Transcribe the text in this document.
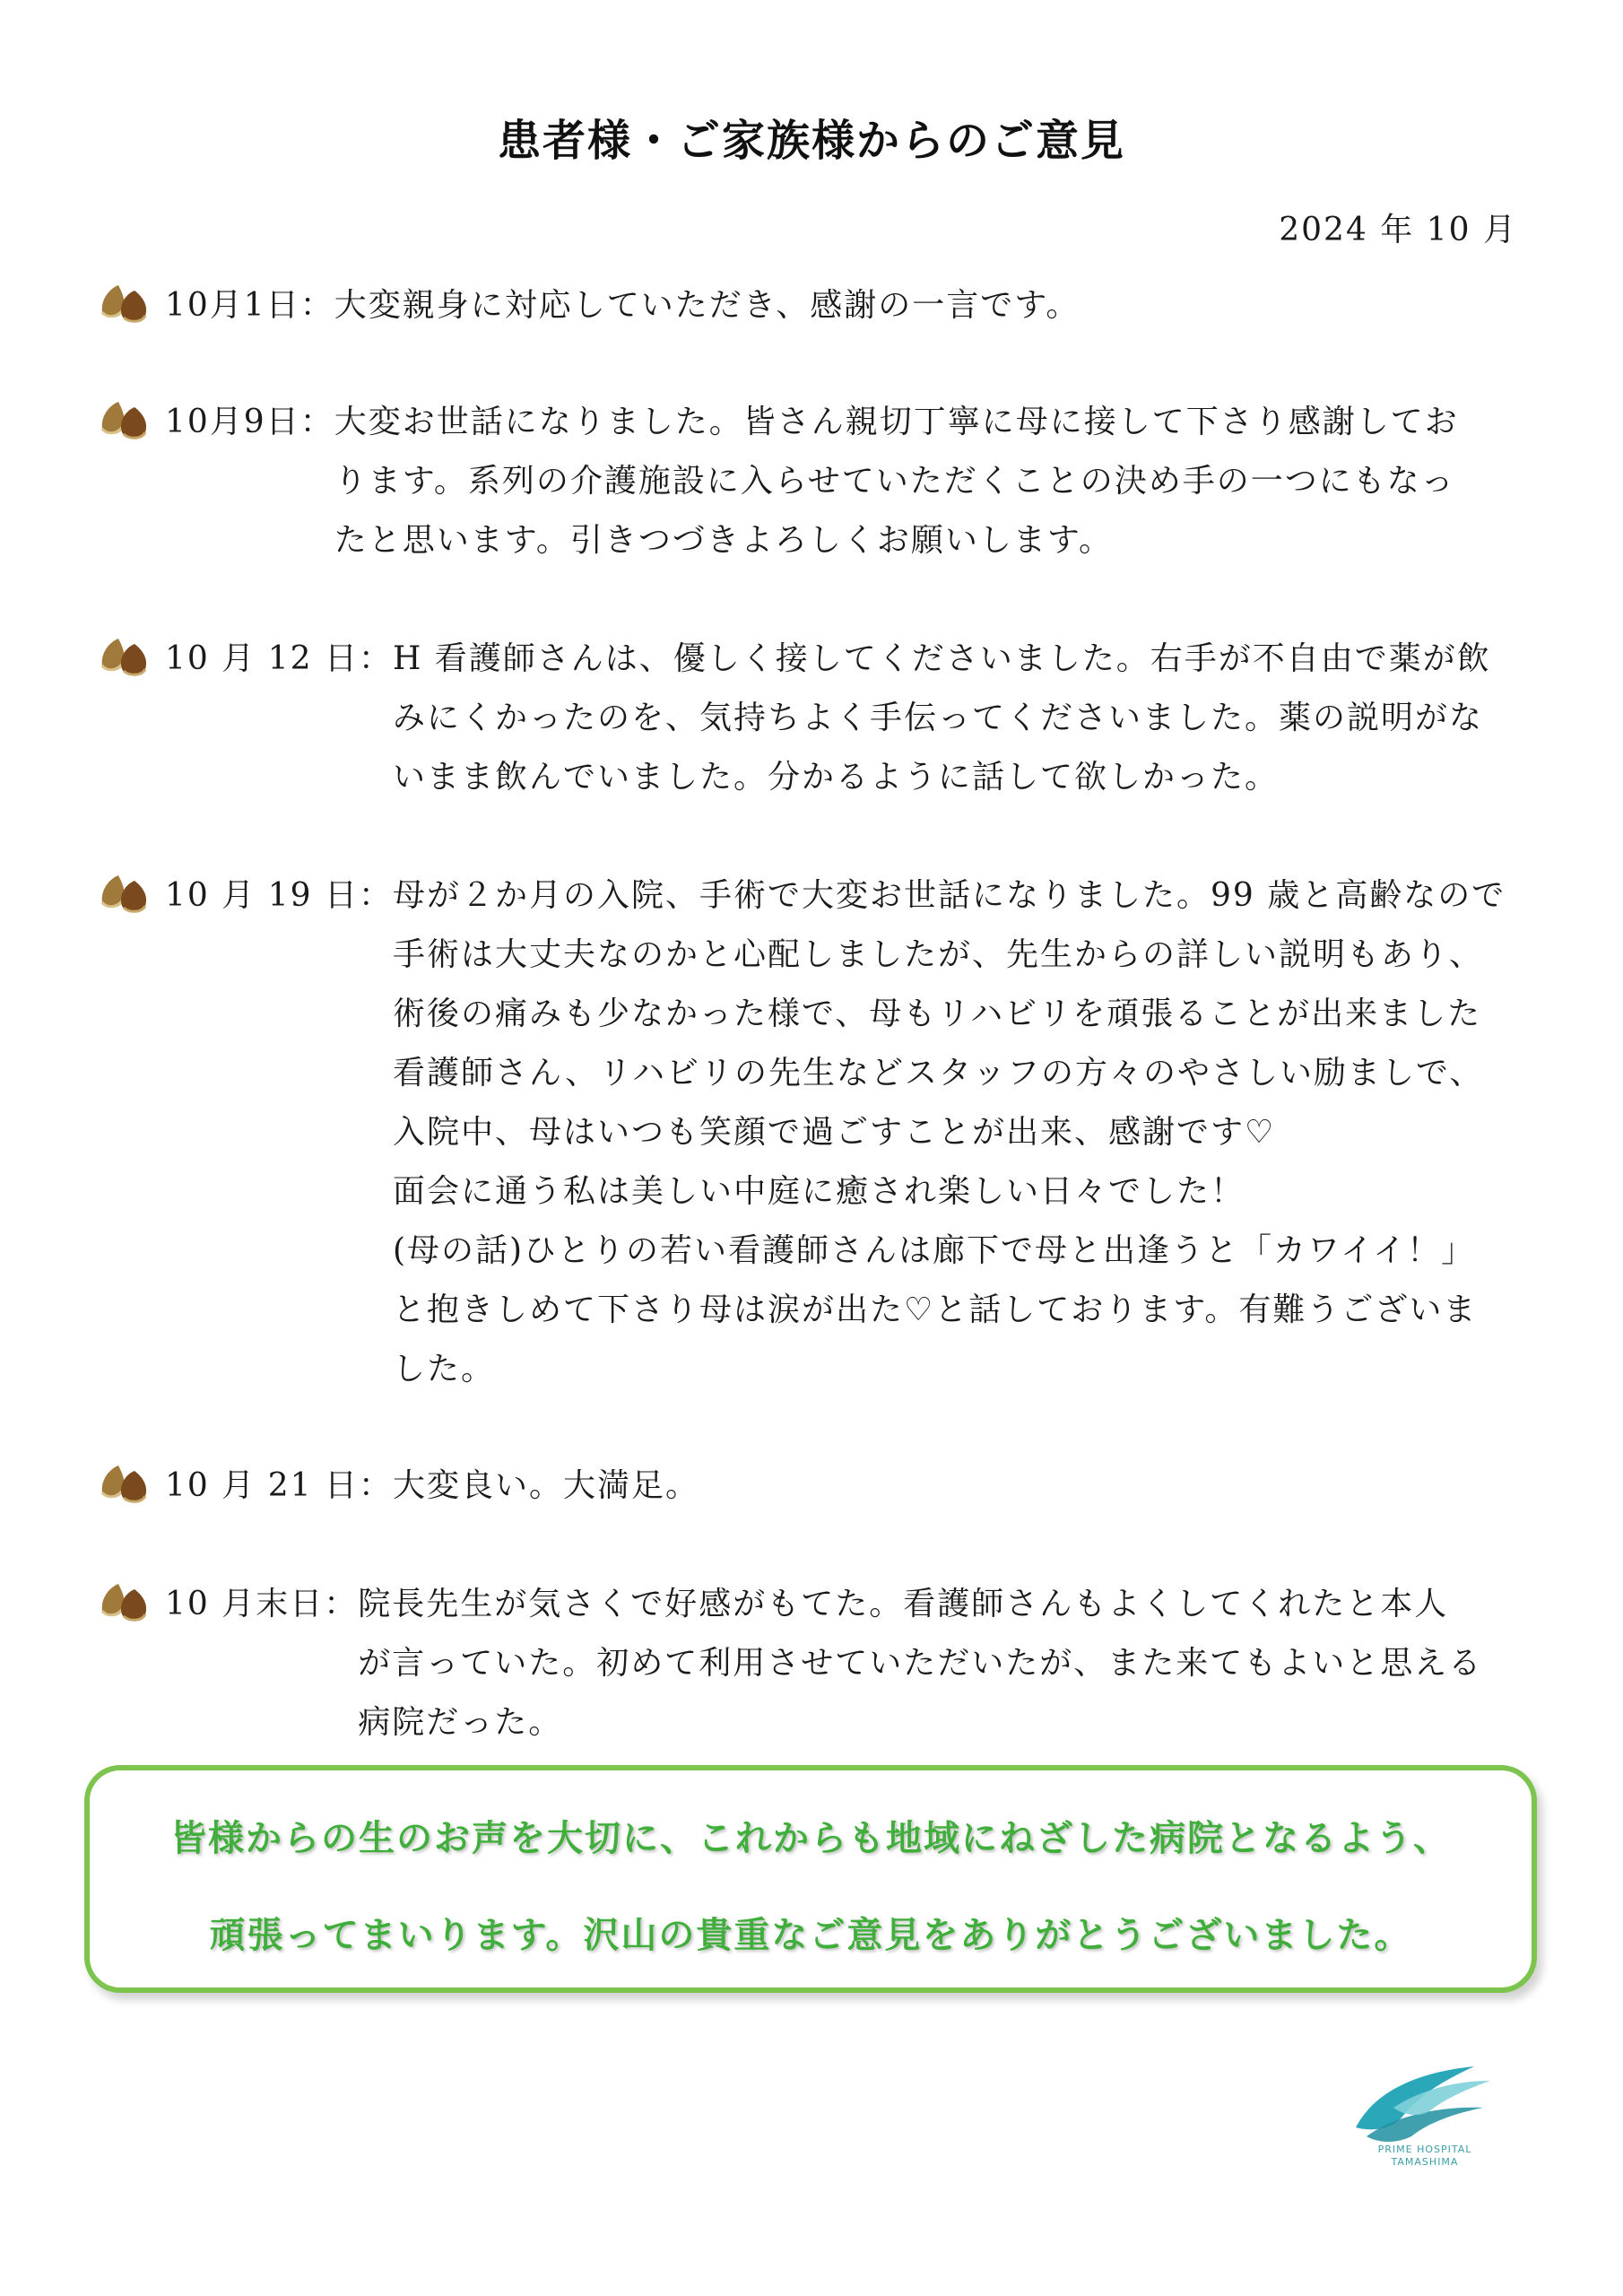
患者様・ご家族様からのご意見
2024 年 10 月
10月1日： 大変親身に対応していただき、感謝の一言です。
10月9日： 大変お世話になりました。皆さん親切丁寧に母に接して下さり感謝してお
ります。系列の介護施設に入らせていただくことの決め手の一つにもなっ
たと思います。引きつづきよろしくお願いします。
10 月 12 日： H 看護師さんは、優しく接してくださいました。右手が不自由で薬が飲
みにくかったのを、気持ちよく手伝ってくださいました。薬の説明がな
いまま飲んでいました。分かるように話して欲しかった。
10 月 19 日： 母が２か月の入院、手術で大変お世話になりました。99 歳と高齢なので
手術は大丈夫なのかと心配しましたが、先生からの詳しい説明もあり、
術後の痛みも少なかった様で、母もリハビリを頑張ることが出来ました
看護師さん、リハビリの先生などスタッフの方々のやさしい励ましで、
入院中、母はいつも笑顔で過ごすことが出来、感謝です♡
面会に通う私は美しい中庭に癒され楽しい日々でした！
(母の話)ひとりの若い看護師さんは廊下で母と出逢うと「カワイイ！」
と抱きしめて下さり母は涙が出た♡と話しております。有難うございま
した。
10 月 21 日： 大変良い。大満足。
10 月末日： 院長先生が気さくで好感がもてた。看護師さんもよくしてくれたと本人
が言っていた。初めて利用させていただいたが、また来てもよいと思える
病院だった。
皆様からの生のお声を大切に、これからも地域にねざした病院となるよう、
頑張ってまいります。沢山の貴重なご意見をありがとうございました。
PRIME HOSPITAL
TAMASHIMA
